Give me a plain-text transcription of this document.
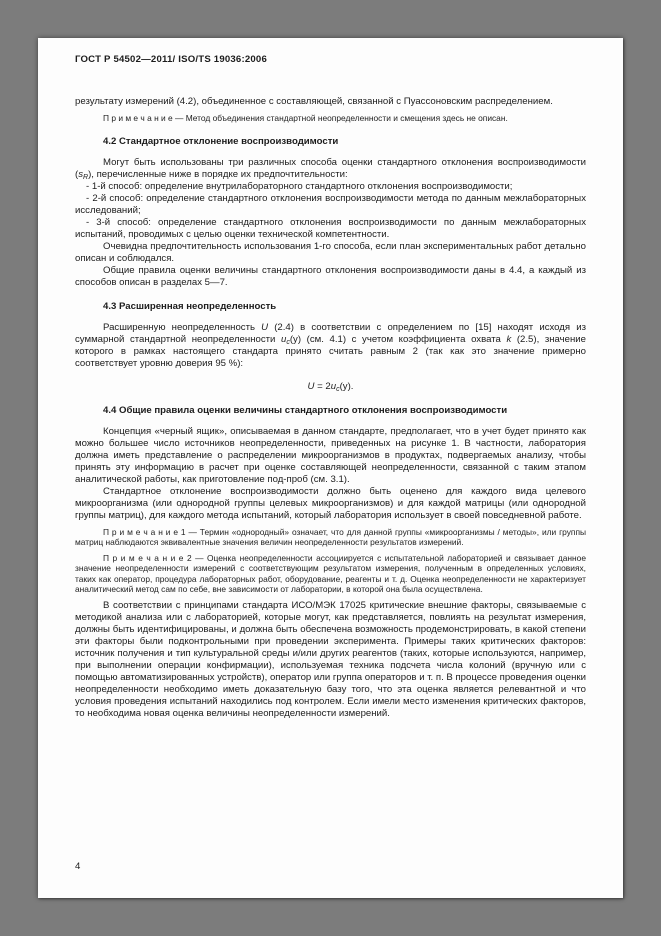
ГОСТ Р 54502—2011/ ISO/TS 19036:2006

результату измерений (4.2), объединенное с составляющей, связанной с Пуассоновским распределением.

П р и м е ч а н и е — Метод объединения стандартной неопределенности и смещения здесь не описан.

4.2 Стандартное отклонение воспроизводимости

Могут быть использованы три различных способа оценки стандартного отклонения воспроизводимости $(s_R)$, перечисленные ниже в порядке их предпочтительности:

- 1-й способ: определение внутрилабораторного стандартного отклонения воспроизводимости;

- 2-й способ: определение стандартного отклонения воспроизводимости метода по данным межлабораторных исследований;

- 3-й способ: определение стандартного отклонения воспроизводимости по данным межлабораторных испытаний, проводимых с целью оценки технической компетентности.

Очевидна предпочтительность использования 1-го способа, если план экспериментальных работ детально описан и соблюдался.

Общие правила оценки величины стандартного отклонения воспроизводимости даны в 4.4, а каждый из способов описан в разделах 5—7.

4.3 Расширенная неопределенность

Расширенную неопределенность U (2.4) в соответствии с определением по [15] находят исходя из суммарной стандартной неопределенности $u_c(y)$ (см. 4.1) с учетом коэффициента охвата k (2.5), значение которого в рамках настоящего стандарта принято считать равным 2 (так как это значение примерно соответствует уровню доверия 95 %):

$U = 2u_c(y)$.
4.4 Общие правила оценки величины стандартного отклонения воспроизводимости

Концепция «черный ящик», описываемая в данном стандарте, предполагает, что в учет будет принято как можно большее число источников неопределенности, приведенных на рисунке 1. В частности, лаборатория должна иметь представление о распределении микроорганизмов в продуктах, подвергаемых анализу, чтобы принять эту информацию в расчет при оценке составляющей неопределенности, связанной с таким этапом аналитической работы, как приготовление под-проб (см. 3.1).

Стандартное отклонение воспроизводимости должно быть оценено для каждого вида целевого микроорганизма (или однородной группы целевых микроорганизмов) и для каждой матрицы (или однородной группы матриц), для каждого метода испытаний, который лаборатория использует в своей повседневной работе.

П р и м е ч а н и е 1 — Термин «однородный» означает, что для данной группы «микроорганизмы / методы», или группы матриц наблюдаются эквивалентные значения величин неопределенности результатов измерений.

П р и м е ч а н и е 2 — Оценка неопределенности ассоциируется с испытательной лабораторией и связывает данное значение неопределенности измерений с соответствующим результатом измерения, полученным в определенных условиях, таких как оператор, процедура лабораторных работ, оборудование, реагенты и т. д. Оценка неопределенности не характеризует аналитический метод сам по себе, вне зависимости от лаборатории, в которой она была осуществлена.

В соответствии с принципами стандарта ИСО/МЭК 17025 критические внешние факторы, связываемые с методикой анализа или с лабораторией, которые могут, как представляется, повлиять на результат измерения, должны быть идентифицированы, и должна быть обеспечена возможность продемонстрировать, в какой степени эти факторы были подконтрольными при проведении эксперимента. Примеры таких критических факторов: источник получения и тип культуральной среды и/или других реагентов (таких, которые используются, например, при выполнении операции конфирмации), используемая техника подсчета числа колоний (вручную или с помощью автоматизированных устройств), оператор или группа операторов и т. п. В процессе проведения оценки неопределенности необходимо иметь доказательную базу того, что эта оценка является релевантной и что условия проведения испытаний находились под контролем. Если имели место изменения критических факторов, то необходима новая оценка величины неопределенности измерений.

4
